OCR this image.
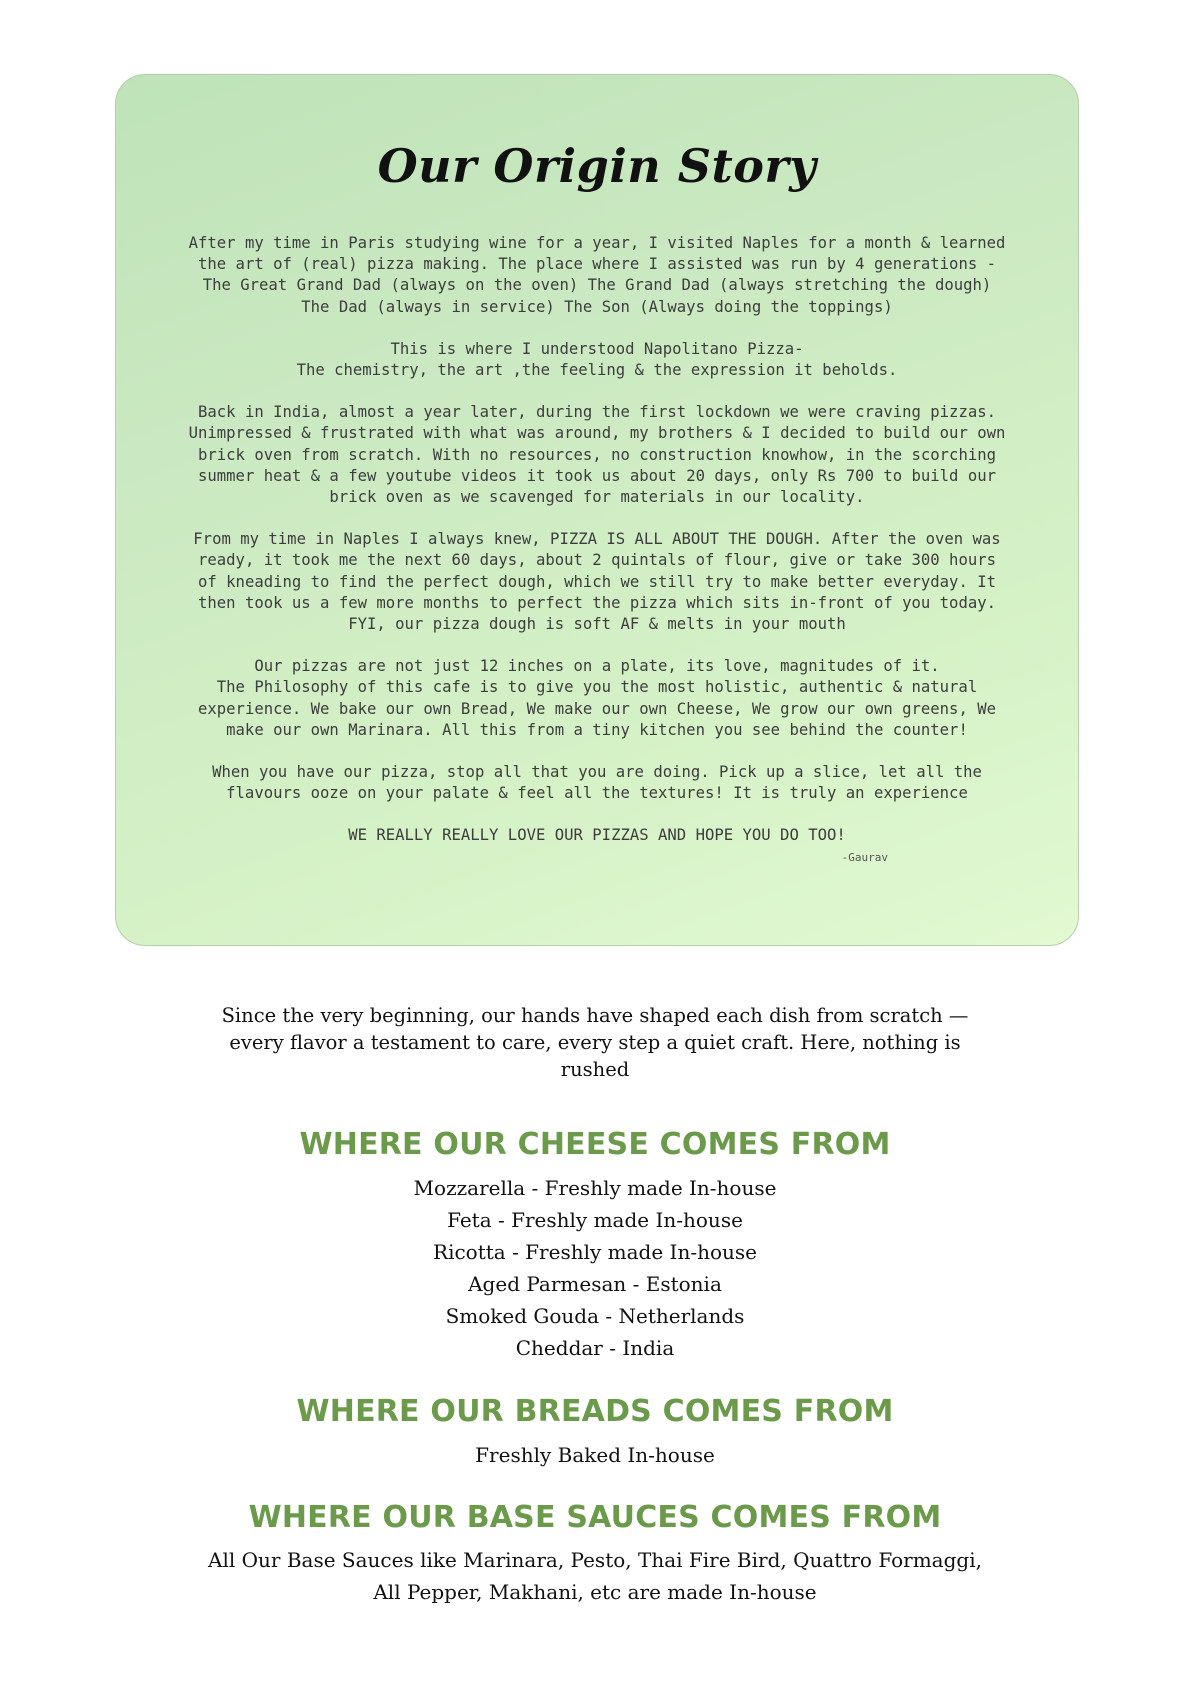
Our Origin Story

After my time in Paris studying wine for a year, I visited Naples for a month & learned the art of (real) pizza making. The place where I assisted was run by 4 generations - The Great Grand Dad (always on the oven) The Grand Dad (always stretching the dough) The Dad (always in service) The Son (Always doing the toppings)

This is where I understood Napolitano Pizza-
The chemistry, the art ,the feeling & the expression it beholds.

Back in India, almost a year later, during the first lockdown we were craving pizzas. Unimpressed & frustrated with what was around, my brothers & I decided to build our own brick oven from scratch. With no resources, no construction knowhow, in the scorching summer heat & a few youtube videos it took us about 20 days, only Rs 700 to build our brick oven as we scavenged for materials in our locality.

From my time in Naples I always knew, PIZZA IS ALL ABOUT THE DOUGH. After the oven was ready, it took me the next 60 days, about 2 quintals of flour, give or take 300 hours of kneading to find the perfect dough, which we still try to make better everyday. It then took us a few more months to perfect the pizza which sits in-front of you today.
FYI, our pizza dough is soft AF & melts in your mouth

Our pizzas are not just 12 inches on a plate, its love, magnitudes of it.
The Philosophy of this cafe is to give you the most holistic, authentic & natural experience. We bake our own Bread, We make our own Cheese, We grow our own greens, We make our own Marinara. All this from a tiny kitchen you see behind the counter!

When you have our pizza, stop all that you are doing. Pick up a slice, let all the flavours ooze on your palate & feel all the textures! It is truly an experience

WE REALLY REALLY LOVE OUR PIZZAS AND HOPE YOU DO TOO!

-Gaurav

Since the very beginning, our hands have shaped each dish from scratch — every flavor a testament to care, every step a quiet craft. Here, nothing is rushed

WHERE OUR CHEESE COMES FROM
Mozzarella - Freshly made In-house
Feta - Freshly made In-house
Ricotta - Freshly made In-house
Aged Parmesan - Estonia
Smoked Gouda - Netherlands
Cheddar - India
WHERE OUR BREADS COMES FROM
Freshly Baked In-house
WHERE OUR BASE SAUCES COMES FROM

All Our Base Sauces like Marinara, Pesto, Thai Fire Bird, Quattro Formaggi, All Pepper, Makhani, etc are made In-house
